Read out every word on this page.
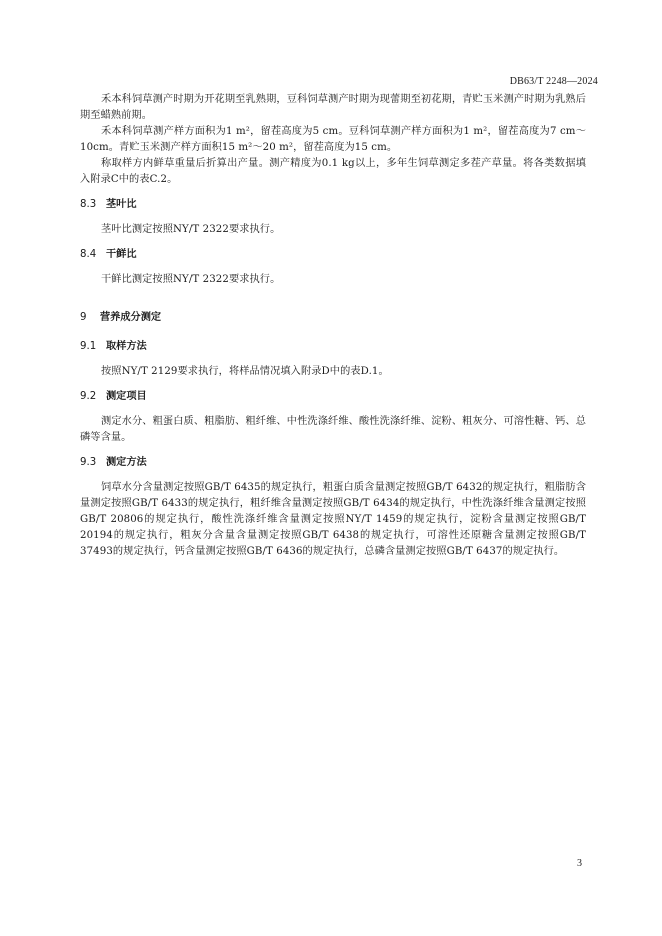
DB63/T 2248—2024

禾本科饲草测产时期为开花期至乳熟期，豆科饲草测产时期为现蕾期至初花期，青贮玉米测产时期为乳熟后期至蜡熟前期。

禾本科饲草测产样方面积为1 m²，留茬高度为5 cm。豆科饲草测产样方面积为1 m²，留茬高度为7 cm～10cm。青贮玉米测产样方面积15 m²～20 m²，留茬高度为15 cm。

称取样方内鲜草重量后折算出产量。测产精度为0.1 kg以上，多年生饲草测定多茬产草量。将各类数据填入附录C中的表C.2。

8.3 茎叶比

茎叶比测定按照NY/T 2322要求执行。

8.4 干鲜比

干鲜比测定按照NY/T 2322要求执行。

9 营养成分测定

9.1 取样方法

按照NY/T 2129要求执行，将样品情况填入附录D中的表D.1。

9.2 测定项目

测定水分、粗蛋白质、粗脂肪、粗纤维、中性洗涤纤维、酸性洗涤纤维、淀粉、粗灰分、可溶性糖、钙、总磷等含量。

9.3 测定方法

饲草水分含量测定按照GB/T 6435的规定执行，粗蛋白质含量测定按照GB/T 6432的规定执行，粗脂肪含量测定按照GB/T 6433的规定执行，粗纤维含量测定按照GB/T 6434的规定执行，中性洗涤纤维含量测定按照GB/T 20806的规定执行，酸性洗涤纤维含量测定按照NY/T 1459的规定执行，淀粉含量测定按照GB/T 20194的规定执行，粗灰分含量含量测定按照GB/T 6438的规定执行，可溶性还原糖含量测定按照GB/T 37493的规定执行，钙含量测定按照GB/T 6436的规定执行，总磷含量测定按照GB/T 6437的规定执行。

3
